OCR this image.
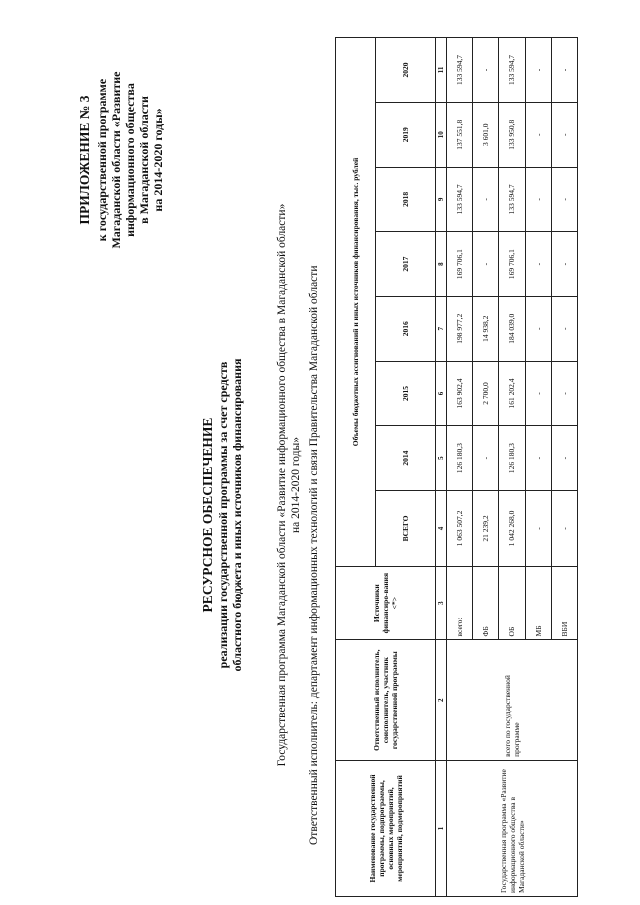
ПРИЛОЖЕНИЕ № 3 к государственной программе Магаданской области «Развитие информационного общества в Магаданской области на 2014-2020 годы»
РЕСУРСНОЕ ОБЕСПЕЧЕНИЕ реализации государственной программы за счет средств областного бюджета и иных источников финансирования	Государственная программа Магаданской области «Развитие информационного общества в Магаданской области» на 2014-2020 годы» Ответственный исполнитель: департамент информационных технологий и связи Правительства Магаданской области	Наименование государственной программы, подпрограммы, основных мероприятий, мероприятий, подмероприятий	Ответственный исполнитель, соисполнитель, участник государственной программы	Источники финансиро-вания <*>	Объемы бюджетных ассигнований и иных источников финансирования, тыс. рублей							
			ВСЕГО	2014	2015	2016	2017	2018	2019	2020
1	2	3	4	5	6	7	8	9	10	11
Государственная программа «Развитие информационного общества в Магаданской области»	всего по государственной программе	всего:	1 063 507,2	126 180,3	163 902,4	198 977,2	169 706,1	133 594,7	137 551,8	133 594,7
		ФБ	21 239,2	-	2 700,0	14 938,2	-	-	3 601,0	-
		ОБ	1 042 268,0	126 180,3	161 202,4	184 039,0	169 706,1	133 594,7	133 950,8	133 594,7
		МБ	-	-	-	-	-	-	-	-
		ВБИ	-	-	-	-	-	-	-	-
